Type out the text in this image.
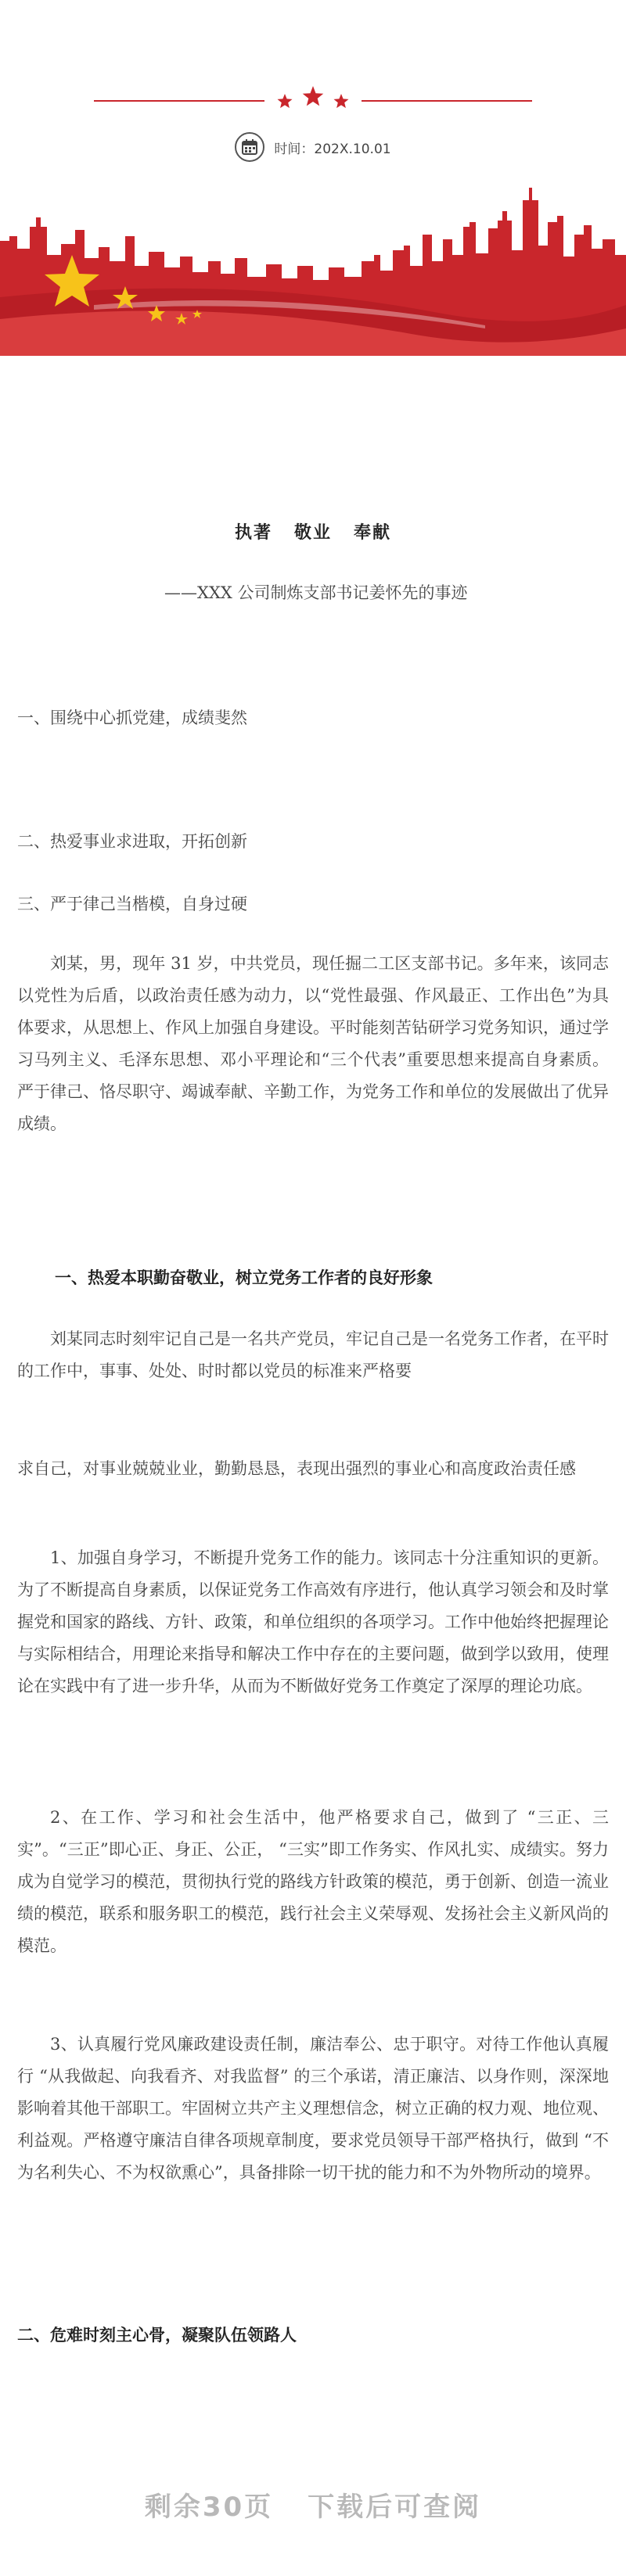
时间：202X.10.01
执著 敬业 奉献
——XXX 公司制炼支部书记姜怀先的事迹
一、围绕中心抓党建，成绩斐然
二、热爱事业求进取，开拓创新
三、严于律己当楷模，自身过硬

刘某，男，现年 31 岁，中共党员，现任掘二工区支部书记。多年来，该同志以党性为后盾，以政治责任感为动力，以“党性最强、作风最正、工作出色”为具体要求，从思想上、作风上加强自身建设。平时能刻苦钻研学习党务知识，通过学习马列主义、毛泽东思想、邓小平理论和“三个代表”重要思想来提高自身素质。严于律己、恪尽职守、竭诚奉献、辛勤工作，为党务工作和单位的发展做出了优异成绩。

一、热爱本职勤奋敬业，树立党务工作者的良好形象

刘某同志时刻牢记自己是一名共产党员，牢记自己是一名党务工作者，在平时的工作中，事事、处处、时时都以党员的标准来严格要

求自己，对事业兢兢业业，勤勤恳恳，表现出强烈的事业心和高度政治责任感

1、加强自身学习，不断提升党务工作的能力。该同志十分注重知识的更新。为了不断提高自身素质，以保证党务工作高效有序进行，他认真学习领会和及时掌握党和国家的路线、方针、政策，和单位组织的各项学习。工作中他始终把握理论与实际相结合，用理论来指导和解决工作中存在的主要问题，做到学以致用，使理论在实践中有了进一步升华，从而为不断做好党务工作奠定了深厚的理论功底。

2、在工作、学习和社会生活中，他严格要求自己，做到了 “三正、三实”。“三正”即心正、身正、公正， “三实”即工作务实、作风扎实、成绩实。努力成为自觉学习的模范，贯彻执行党的路线方针政策的模范，勇于创新、创造一流业绩的模范，联系和服务职工的模范，践行社会主义荣辱观、发扬社会主义新风尚的模范。

3、认真履行党风廉政建设责任制，廉洁奉公、忠于职守。对待工作他认真履行 “从我做起、向我看齐、对我监督” 的三个承诺，清正廉洁、以身作则，深深地影响着其他干部职工。牢固树立共产主义理想信念，树立正确的权力观、地位观、利益观。严格遵守廉洁自律各项规章制度，要求党员领导干部严格执行，做到 “不为名利失心、不为权欲熏心”，具备排除一切干扰的能力和不为外物所动的境界。

二、危难时刻主心骨，凝聚队伍领路人
剩余30页 下载后可查阅
